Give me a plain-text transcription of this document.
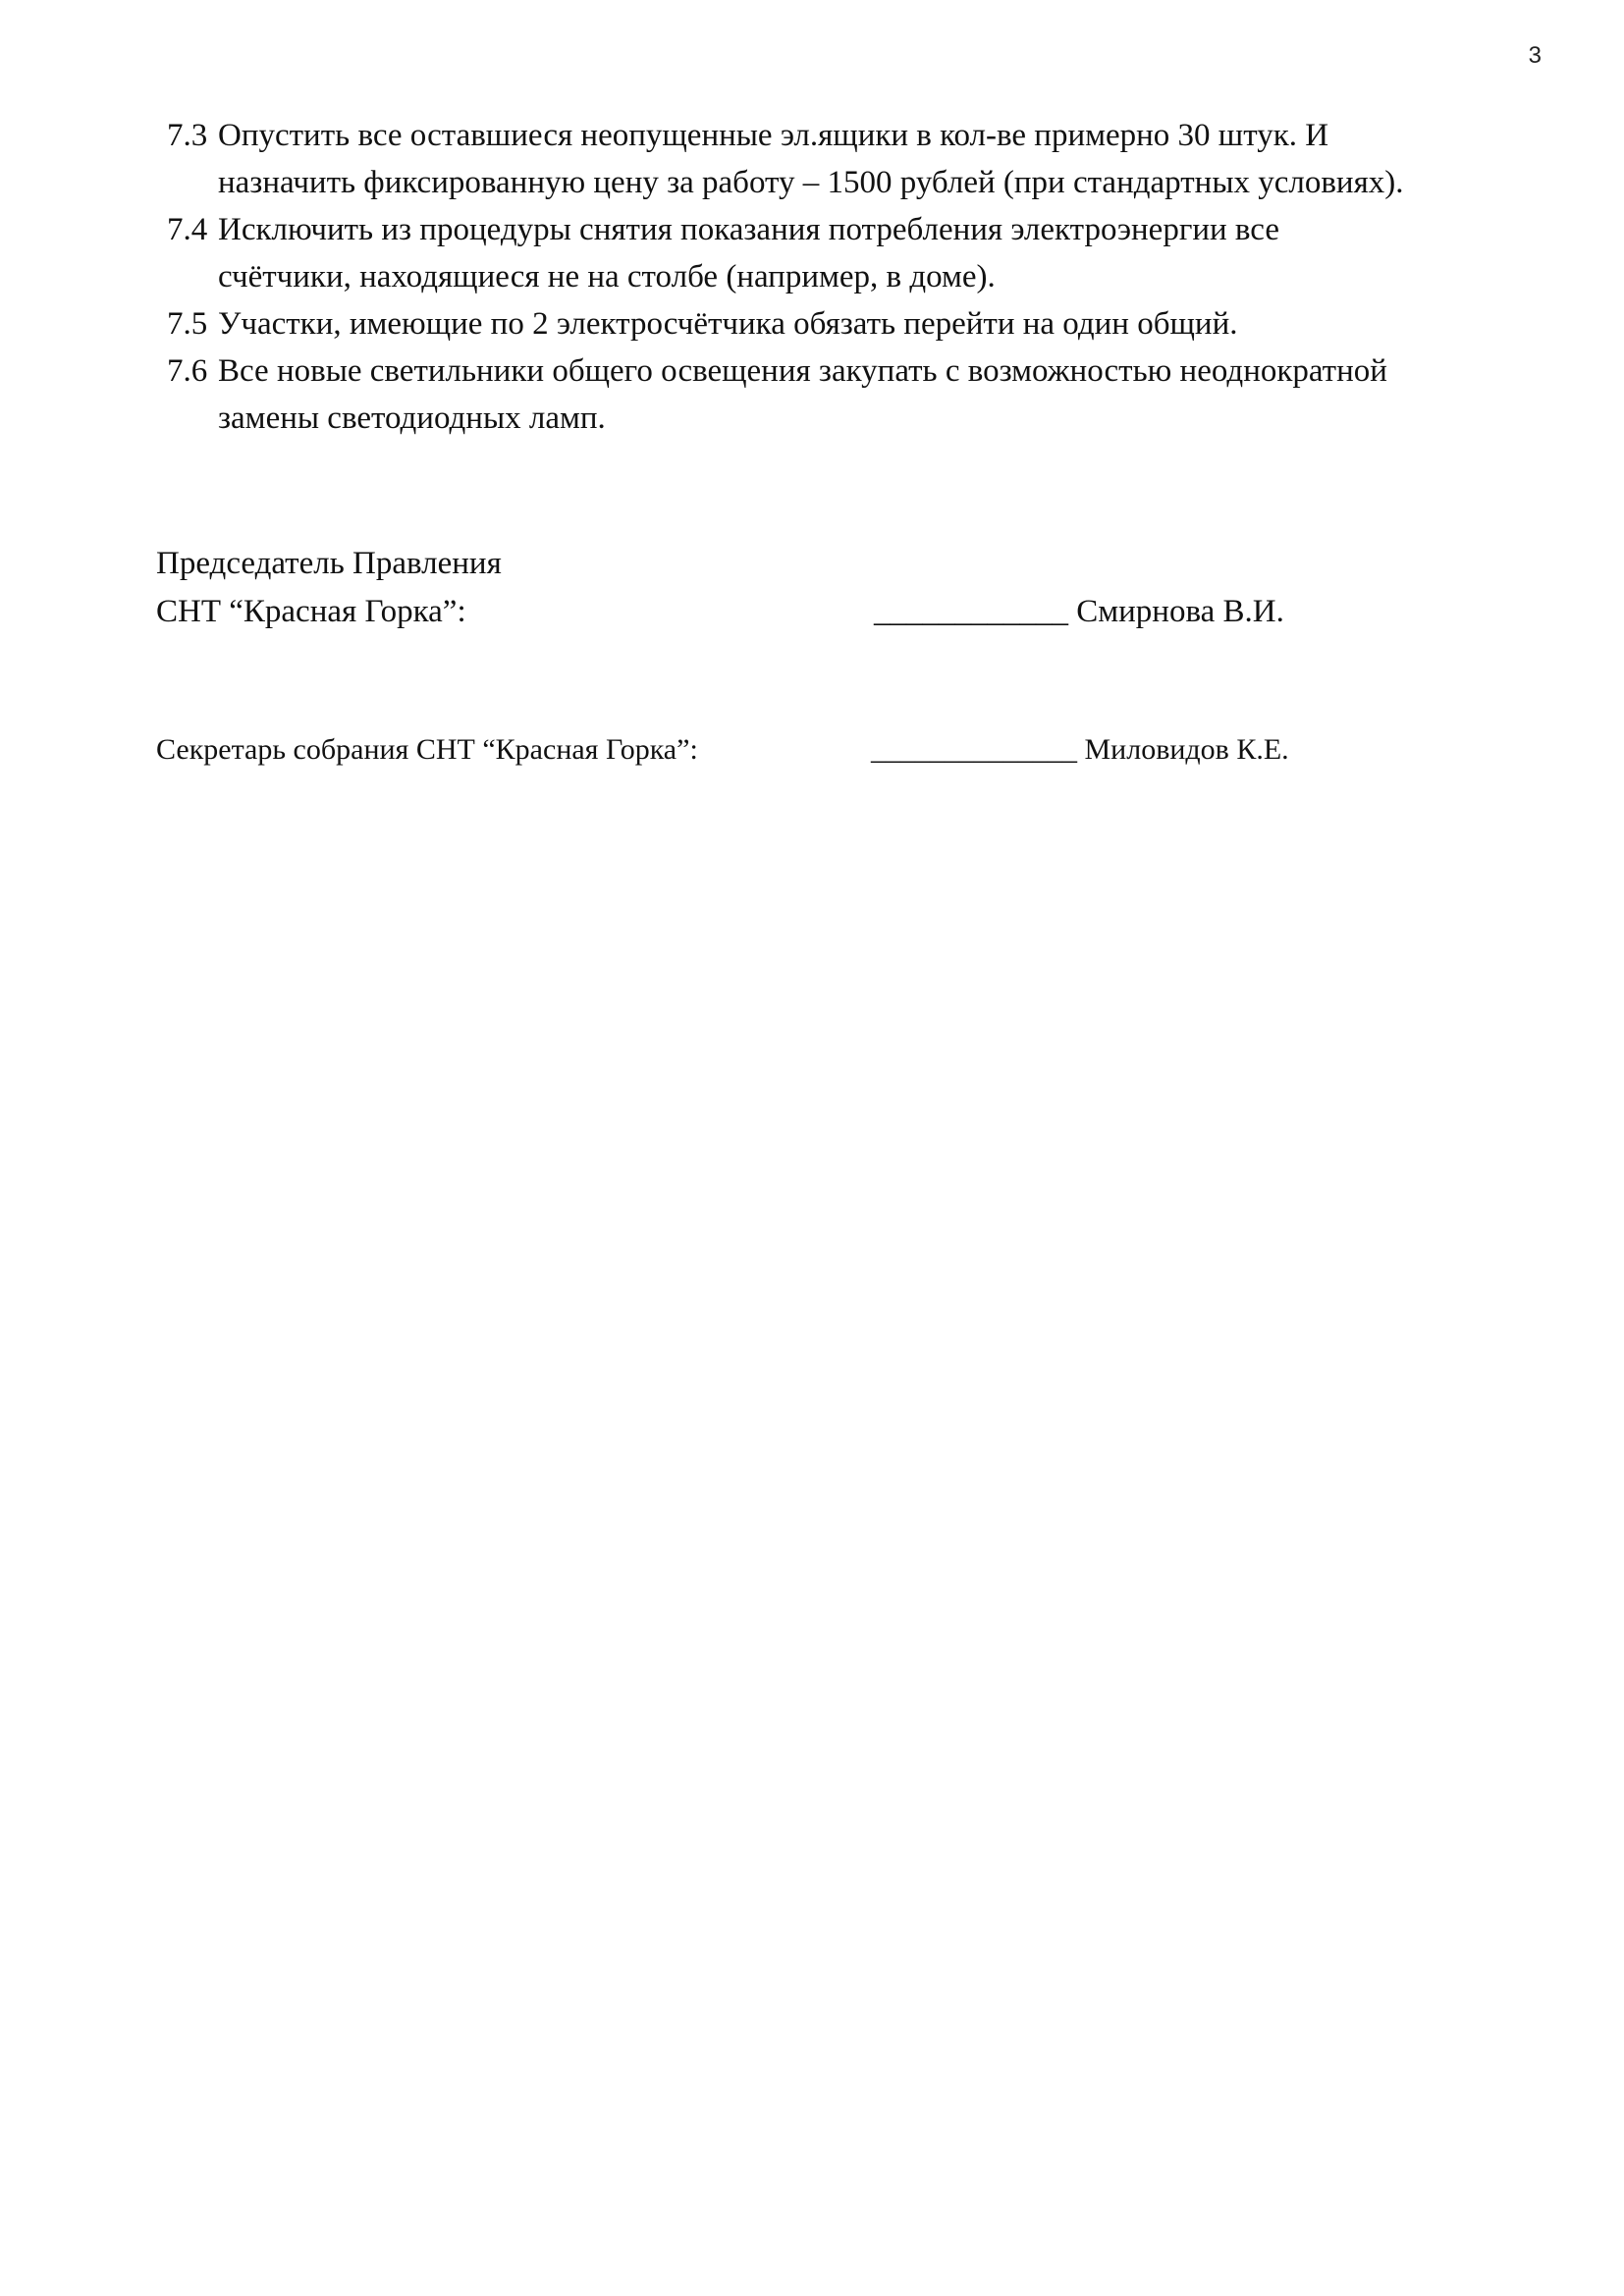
3
7.3 Опустить все оставшиеся неопущенные эл.ящики в кол-ве примерно 30 штук. И
назначить фиксированную цену за работу – 1500 рублей (при стандартных условиях).
7.4 Исключить из процедуры снятия показания потребления электроэнергии все
счётчики, находящиеся не на столбе (например, в доме).
7.5 Участки, имеющие по 2 электросчётчика обязать перейти на один общий.
7.6 Все новые светильники общего освещения закупать с возможностью неоднократной
замены светодиодных ламп.
Председатель Правления
СНТ “Красная Горка”:	____________ Смирнова В.И.
Секретарь собрания СНТ “Красная Горка”:	______________ Миловидов К.Е.
